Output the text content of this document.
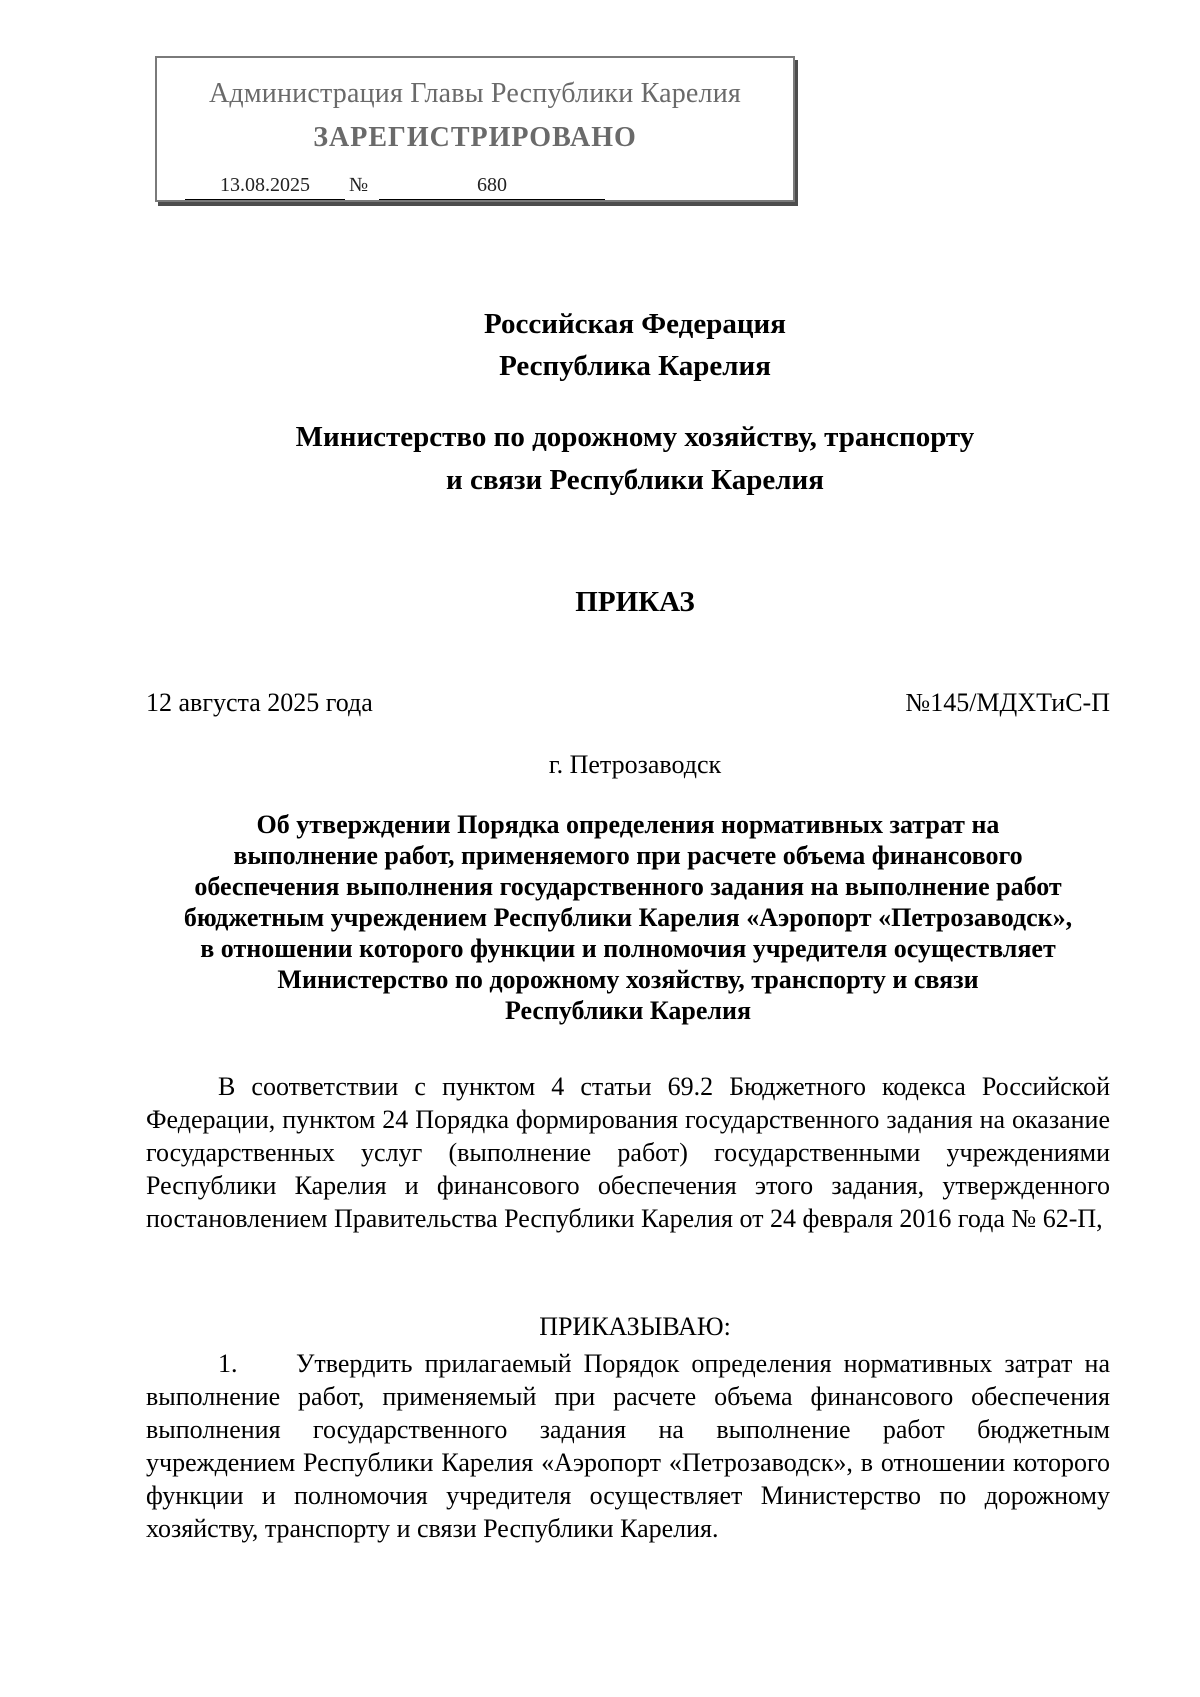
Администрация Главы Республики Карелия
ЗАРЕГИСТРИРОВАНО
13.08.2025	№	680
Российская Федерация
Республика Карелия
Министерство по дорожному хозяйству, транспорту
и связи Республики Карелия
ПРИКАЗ
12 августа 2025 года	№145/МДХТиС-П
г. Петрозаводск
Об утверждении Порядка определения нормативных затрат на
выполнение работ, применяемого при расчете объема финансового
обеспечения выполнения государственного задания на выполнение работ
бюджетным учреждением Республики Карелия «Аэропорт «Петрозаводск»,
в отношении которого функции и полномочия учредителя осуществляет
Министерство по дорожному хозяйству, транспорту и связи
Республики Карелия
В соответствии с пунктом 4 статьи 69.2 Бюджетного кодекса Российской Федерации, пунктом 24 Порядка формирования государственного задания на оказание государственных услуг (выполнение работ) государственными учреждениями Республики Карелия и финансового обеспечения этого задания, утвержденного постановлением Правительства Республики Карелия от 24 февраля 2016 года № 62-П,
ПРИКАЗЫВАЮ:
1. Утвердить прилагаемый Порядок определения нормативных затрат на выполнение работ, применяемый при расчете объема финансового обеспечения выполнения государственного задания на выполнение работ бюджетным учреждением Республики Карелия «Аэропорт «Петрозаводск», в отношении которого функции и полномочия учредителя осуществляет Министерство по дорожному хозяйству, транспорту и связи Республики Карелия.
